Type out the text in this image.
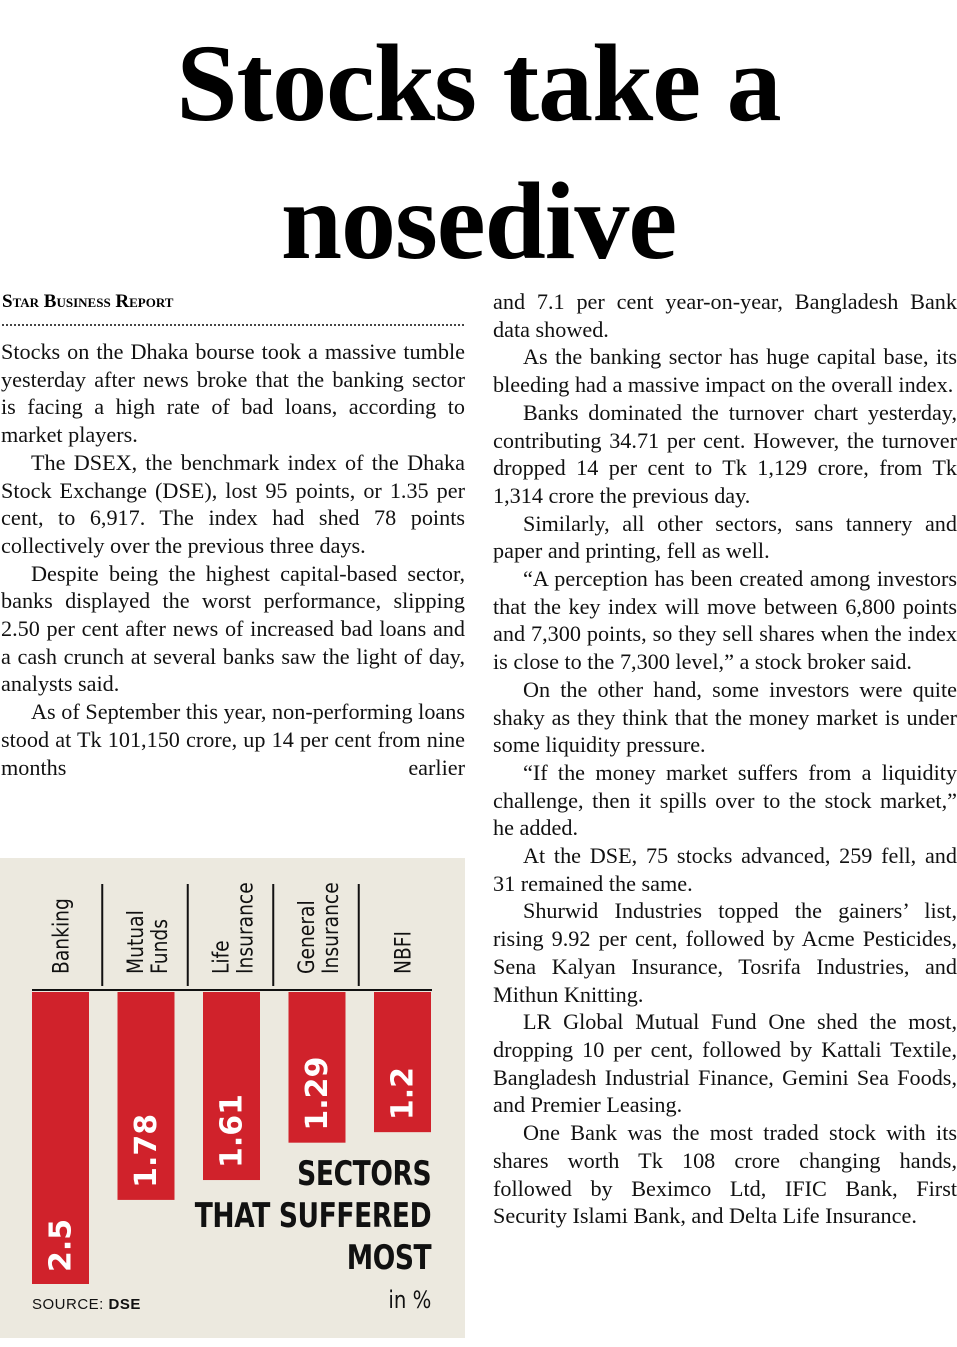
Stocks take a
nosedive
Star Business Report

Stocks on the Dhaka bourse took a massive tumble yesterday after news broke that the banking sector is facing a high rate of bad loans, according to market players.

The DSEX, the benchmark index of the Dhaka Stock Exchange (DSE), lost 95 points, or 1.35 per cent, to 6,917. The index had shed 78 points collectively over the previous three days.

Despite being the highest capital-based sector, banks displayed the worst performance, slipping 2.50 per cent after news of increased bad loans and a cash crunch at several banks saw the light of day, analysts said.

As of September this year, non-performing loans stood at Tk 101,150 crore, up 14 per cent from nine months earlier

and 7.1 per cent year-on-year, Bangladesh Bank data showed.

As the banking sector has huge capital base, its bleeding had a massive impact on the overall index.

Banks dominated the turnover chart yesterday, contributing 34.71 per cent. However, the turnover dropped 14 per cent to Tk 1,129 crore, from Tk 1,314 crore the previous day.

Similarly, all other sectors, sans tannery and paper and printing, fell as well.

“A perception has been created among investors that the key index will move between 6,800 points and 7,300 points, so they sell shares when the index is close to the 7,300 level,” a stock broker said.

On the other hand, some investors were quite shaky as they think that the money market is under some liquidity pressure.

“If the money market suffers from a liquidity challenge, then it spills over to the stock market,” he added.

At the DSE, 75 stocks advanced, 259 fell, and 31 remained the same.

Shurwid Industries topped the gainers’ list, rising 9.92 per cent, followed by Acme Pesticides, Sena Kalyan Insurance, Tosrifa Industries, and Mithun Knitting.

LR Global Mutual Fund One shed the most, dropping 10 per cent, followed by Kattali Textile, Bangladesh Industrial Finance, Gemini Sea Foods, and Premier Leasing.

One Bank was the most traded stock with its shares worth Tk 108 crore changing hands, followed by Beximco Ltd, IFIC Bank, First Security Islami Bank, and Delta Life Insurance.

2.5
Banking
1.78
Mutual
Funds
1.61
Life
Insurance
1.29
General
Insurance
1.2
NBFI
SECTORS
THAT SUFFERED
MOST
in %
SOURCE: DSE
